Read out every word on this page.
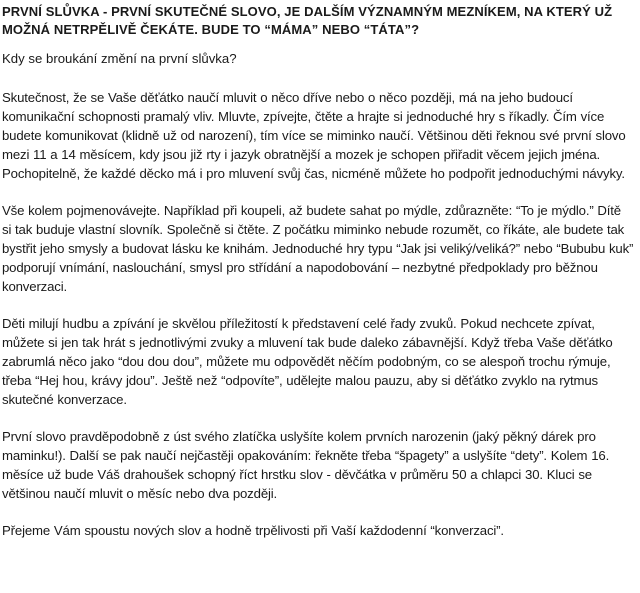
PRVNÍ SLŮVKA - PRVNÍ SKUTEČNÉ SLOVO, JE DALŠÍM VÝZNAMNÝM MEZNÍKEM, NA KTERÝ UŽ MOŽNÁ NETRPĚLIVĚ ČEKÁTE. BUDE TO “MÁMA” NEBO “TÁTA”?
Kdy se broukání změní na první slůvka?

Skutečnost, že se Vaše děťátko naučí mluvit o něco dříve nebo o něco později, má na jeho budoucí komunikační schopnosti pramalý vliv. Mluvte, zpívejte, čtěte a hrajte si jednoduché hry s říkadly. Čím více budete komunikovat (klidně už od narození), tím více se miminko naučí. Většinou děti řeknou své první slovo mezi 11 a 14 měsícem, kdy jsou již rty i jazyk obratnější a mozek je schopen přiřadit věcem jejich jména. Pochopitelně, že každé děcko má i pro mluvení svůj čas, nicméně můžete ho podpořit jednoduchými návyky.

Vše kolem pojmenovávejte. Například při koupeli, až budete sahat po mýdle, zdůrazněte: “To je mýdlo.” Dítě si tak buduje vlastní slovník. Společně si čtěte. Z počátku miminko nebude rozumět, co říkáte, ale budete tak bystřit jeho smysly a budovat lásku ke knihám. Jednoduché hry typu “Jak jsi veliký/veliká?” nebo “Bububu kuk” podporují vnímání, naslouchání, smysl pro střídání a napodobování – nezbytné předpoklady pro běžnou konverzaci.

Děti milují hudbu a zpívání je skvělou příležitostí k představení celé řady zvuků. Pokud nechcete zpívat, můžete si jen tak hrát s jednotlivými zvuky a mluvení tak bude daleko zábavnější. Když třeba Vaše děťátko zabrumlá něco jako “dou dou dou”, můžete mu odpovědět něčím podobným, co se alespoň trochu rýmuje, třeba “Hej hou, krávy jdou”. Ještě než “odpovíte”, udělejte malou pauzu, aby si děťátko zvyklo na rytmus skutečné konverzace.

První slovo pravděpodobně z úst svého zlatíčka uslyšíte kolem prvních narozenin (jaký pěkný dárek pro maminku!). Další se pak naučí nejčastěji opakováním: řekněte třeba “špagety” a uslyšíte “dety”. Kolem 16. měsíce už bude Váš drahoušek schopný říct hrstku slov - děvčátka v průměru 50 a chlapci 30. Kluci se většinou naučí mluvit o měsíc nebo dva později.

Přejeme Vám spoustu nových slov a hodně trpělivosti při Vaší každodenní “konverzaci”.
